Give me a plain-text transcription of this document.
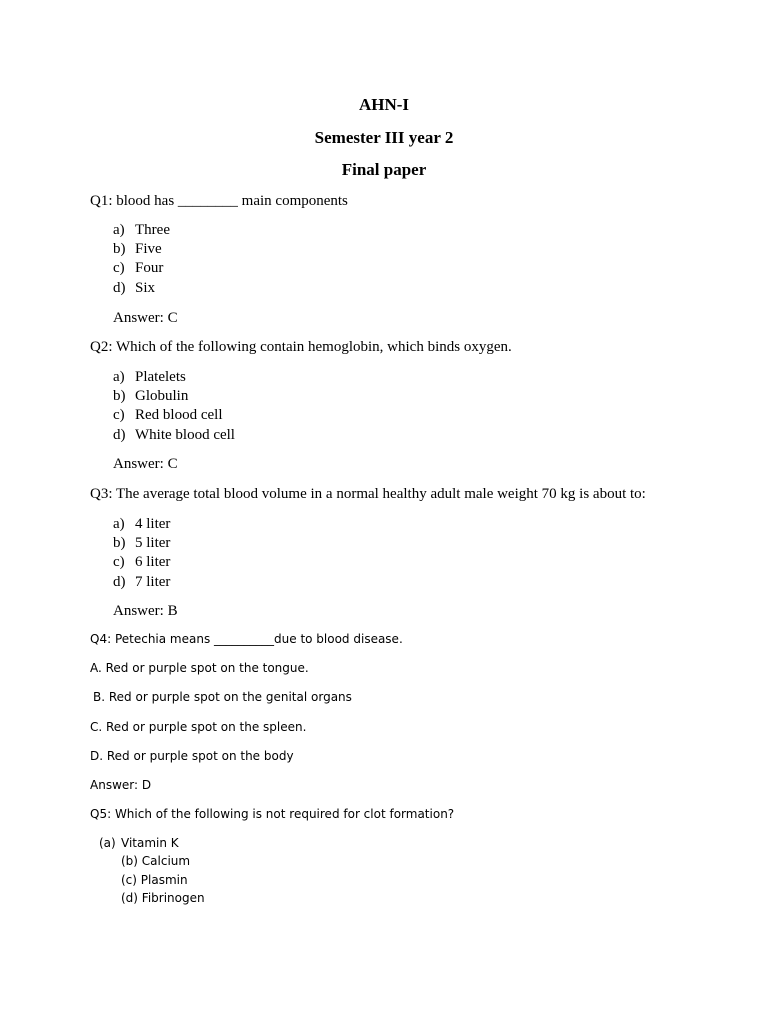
AHN-I
Semester III year 2
Final paper
Q1: blood has ________ main components
a) Three
b) Five
c) Four
d) Six
Answer: C
Q2: Which of the following contain hemoglobin, which binds oxygen.
a) Platelets
b) Globulin
c) Red blood cell
d) White blood cell
Answer: C
Q3: The average total blood volume in a normal healthy adult male weight 70 kg is about to:
a) 4 liter
b) 5 liter
c) 6 liter
d) 7 liter
Answer: B
Q4: Petechia means __________due to blood disease.
A. Red or purple spot on the tongue.
B. Red or purple spot on the genital organs
C. Red or purple spot on the spleen.
D. Red or purple spot on the body
Answer: D
Q5: Which of the following is not required for clot formation?
(a) Vitamin K
(b) Calcium
(c) Plasmin
(d) Fibrinogen
